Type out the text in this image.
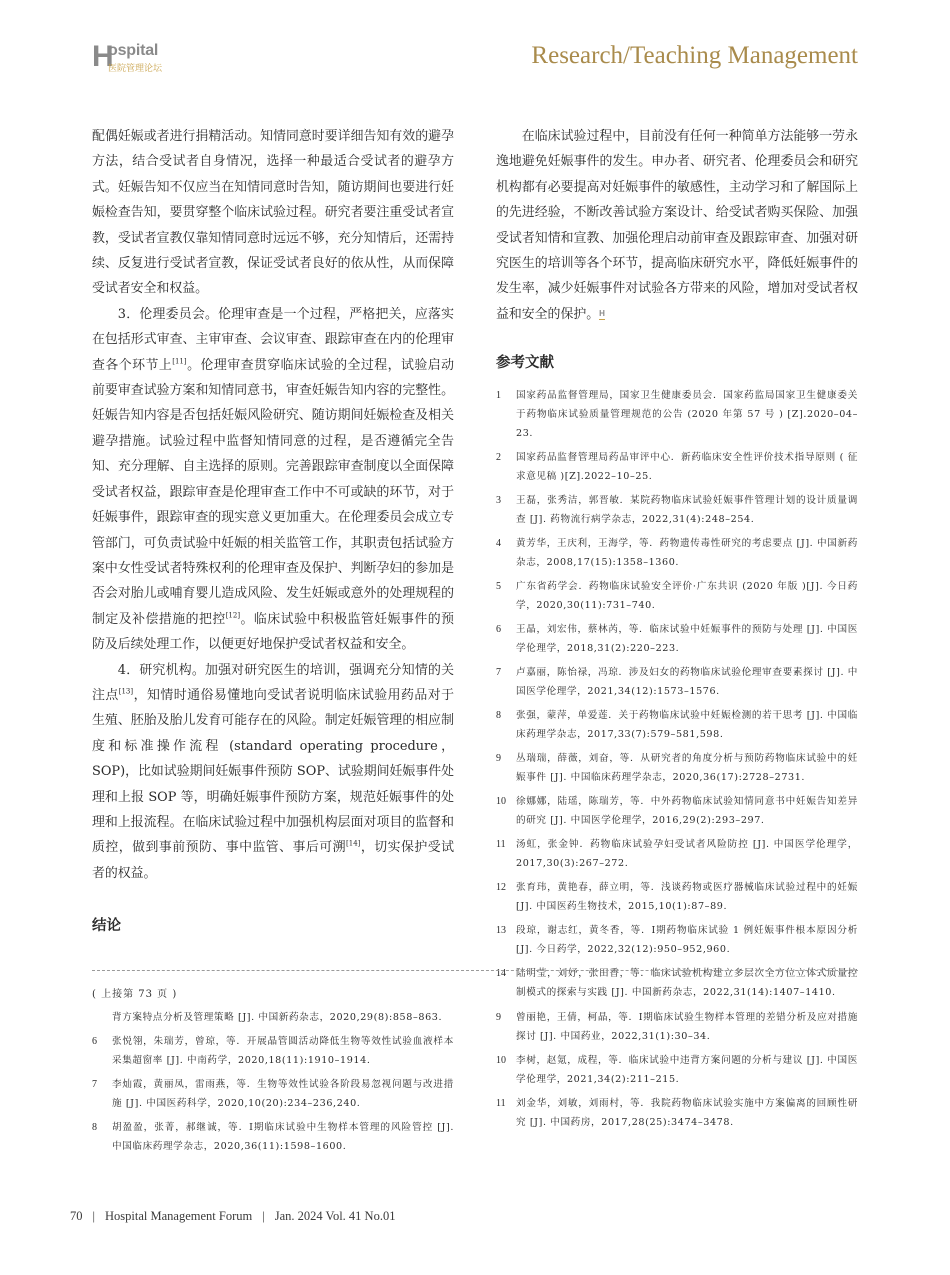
H
ospital
医院管理论坛	Research/Teaching Management

配偶妊娠或者进行捐精活动。知情同意时要详细告知有效的避孕方法，结合受试者自身情况，选择一种最适合受试者的避孕方式。妊娠告知不仅应当在知情同意时告知，随访期间也要进行妊娠检查告知，要贯穿整个临床试验过程。研究者要注重受试者宣教，受试者宣教仅靠知情同意时远远不够，充分知情后，还需持续、反复进行受试者宣教，保证受试者良好的依从性，从而保障受试者安全和权益。

3．伦理委员会。伦理审查是一个过程，严格把关，应落实在包括形式审查、主审审查、会议审查、跟踪审查在内的伦理审查各个环节上[11]。伦理审查贯穿临床试验的全过程，试验启动前要审查试验方案和知情同意书，审查妊娠告知内容的完整性。妊娠告知内容是否包括妊娠风险研究、随访期间妊娠检查及相关避孕措施。试验过程中监督知情同意的过程，是否遵循完全告知、充分理解、自主选择的原则。完善跟踪审查制度以全面保障受试者权益，跟踪审查是伦理审查工作中不可或缺的环节，对于妊娠事件，跟踪审查的现实意义更加重大。在伦理委员会成立专管部门，可负责试验中妊娠的相关监管工作，其职责包括试验方案中女性受试者特殊权利的伦理审查及保护、判断孕妇的参加是否会对胎儿或哺育婴儿造成风险、发生妊娠或意外的处理规程的制定及补偿措施的把控[12]。临床试验中积极监管妊娠事件的预防及后续处理工作，以便更好地保护受试者权益和安全。

4．研究机构。加强对研究医生的培训，强调充分知情的关注点[13]，知情时通俗易懂地向受试者说明临床试验用药品对于生殖、胚胎及胎儿发育可能存在的风险。制定妊娠管理的相应制度和标准操作流程 (standard operating procedure，SOP)，比如试验期间妊娠事件预防 SOP、试验期间妊娠事件处理和上报 SOP 等，明确妊娠事件预防方案，规范妊娠事件的处理和上报流程。在临床试验过程中加强机构层面对项目的监督和质控，做到事前预防、事中监管、事后可溯[14]，切实保护受试者的权益。

结论

在临床试验过程中，目前没有任何一种简单方法能够一劳永逸地避免妊娠事件的发生。申办者、研究者、伦理委员会和研究机构都有必要提高对妊娠事件的敏感性，主动学习和了解国际上的先进经验，不断改善试验方案设计、给受试者购买保险、加强受试者知情和宣教、加强伦理启动前审查及跟踪审查、加强对研究医生的培训等各个环节，提高临床研究水平，降低妊娠事件的发生率，减少妊娠事件对试验各方带来的风险，增加对受试者权益和安全的保护。H

参考文献
1	国家药品监督管理局，国家卫生健康委员会．国家药监局国家卫生健康委关于药物临床试验质量管理规范的公告 (2020 年第 57 号 ) [Z].2020–04–23.
2	国家药品监督管理局药品审评中心．新药临床安全性评价技术指导原则 ( 征求意见稿 )[Z].2022–10–25.
3	王磊，张秀洁，郭晋敏．某院药物临床试验妊娠事件管理计划的设计质量调查 [J]. 药物流行病学杂志，2022,31(4):248–254.
4	黄芳华，王庆利，王海学，等．药物遗传毒性研究的考虑要点 [J]. 中国新药杂志，2008,17(15):1358–1360.
5	广东省药学会．药物临床试验安全评价·广东共识 (2020 年版 )[J]. 今日药学，2020,30(11):731–740.
6	王晶，刘宏伟，蔡林芮，等．临床试验中妊娠事件的预防与处理 [J]. 中国医学伦理学，2018,31(2):220–223.
7	卢嘉丽，陈怡禄，冯琼．涉及妇女的药物临床试验伦理审查要素探讨 [J]. 中国医学伦理学，2021,34(12):1573–1576.
8	张强，蒙萍，单爱莲．关于药物临床试验中妊娠检测的若干思考 [J]. 中国临床药理学杂志，2017,33(7):579–581,598.
9	丛瑞瑞，薛薇，刘奋，等．从研究者的角度分析与预防药物临床试验中的妊娠事件 [J]. 中国临床药理学杂志，2020,36(17):2728–2731.
10	徐娜娜，陆瑶，陈瑞芳，等．中外药物临床试验知情同意书中妊娠告知差异的研究 [J]. 中国医学伦理学，2016,29(2):293–297.
11	汤虹，张金钟．药物临床试验孕妇受试者风险防控 [J]. 中国医学伦理学，2017,30(3):267–272.
12	张育玮，黄艳春，薛立明，等．浅谈药物或医疗器械临床试验过程中的妊娠 [J]. 中国医药生物技术，2015,10(1):87–89.
13	段琼，谢志红，黄冬香，等．Ⅰ期药物临床试验 1 例妊娠事件根本原因分析 [J]. 今日药学，2022,32(12):950–952,960.
14	陆明莹，刘妤，张田香，等．临床试验机构建立多层次全方位立体式质量控制模式的探索与实践 [J]. 中国新药杂志，2022,31(14):1407–1410.
( 上接第 73 页 )
背方案特点分析及管理策略 [J]. 中国新药杂志，2020,29(8):858–863.
6	张悦翎，朱瑞芳，曾琼，等．开展晶管圆活动降低生物等效性试验血液样本采集超窗率 [J]. 中南药学，2020,18(11):1910–1914.
7	李灿霞，黄丽凤，雷雨燕，等．生物等效性试验各阶段易忽视问题与改进措施 [J]. 中国医药科学，2020,10(20):234–236,240.
8	胡盈盈，张菁，郝继诚，等．Ⅰ期临床试验中生物样本管理的风险管控 [J]. 中国临床药理学杂志，2020,36(11):1598–1600.
9	曾丽艳，王倩，柯晶，等．Ⅰ期临床试验生物样本管理的差错分析及应对措施探讨 [J]. 中国药业，2022,31(1):30–34.
10	李树，赵氪，成程，等．临床试验中违背方案问题的分析与建议 [J]. 中国医学伦理学，2021,34(2):211–215.
11	刘金华，刘敏，刘雨村，等．我院药物临床试验实施中方案偏离的回顾性研究 [J]. 中国药房，2017,28(25):3474–3478.
70 | Hospital Management Forum | Jan. 2024 Vol. 41 No.01
